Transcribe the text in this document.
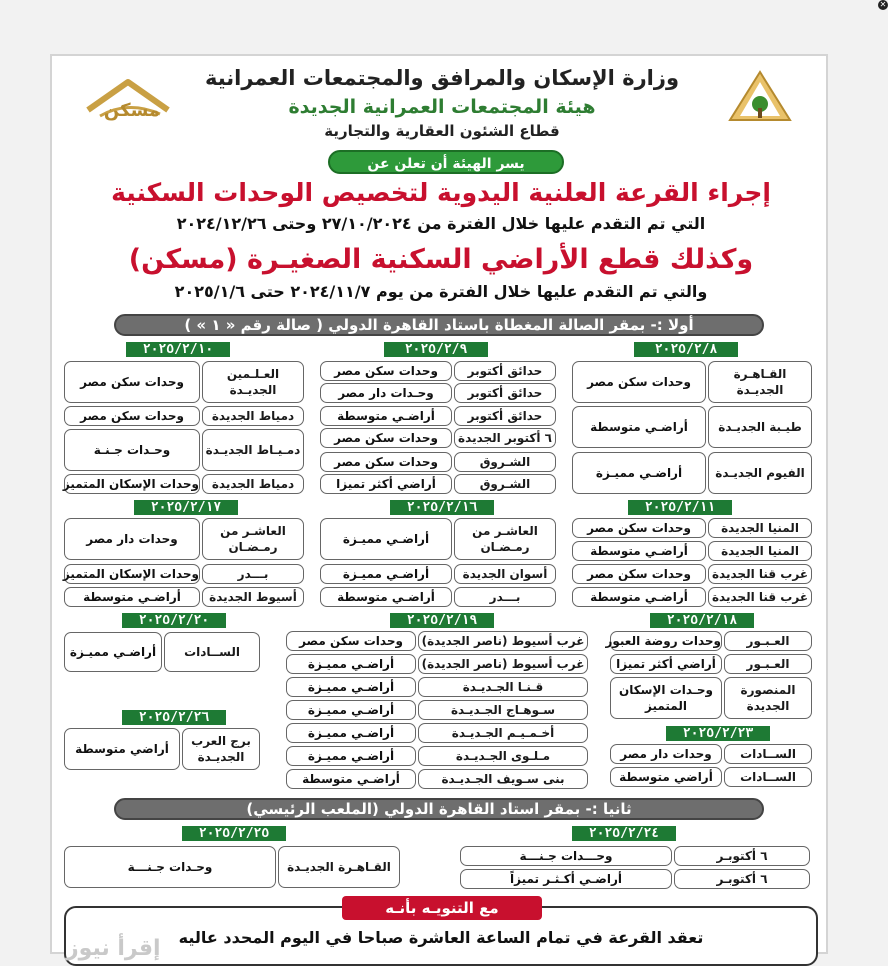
✕
وزارة الإسكان والمرافق والمجتمعات العمرانية
هيئة المجتمعات العمرانية الجديدة
قطاع الشئون العقارية والتجارية
مسكن
يسر الهيئة أن تعلن عن
إجراء القرعة العلنية اليدوية لتخصيص الوحدات السكنية
التي تم التقدم عليها خلال الفترة من ٢٧/١٠/٢٠٢٤ وحتى ٢٠٢٤/١٢/٢٦
وكذلك قطع الأراضي السكنية الصغيـرة (مسكن)
والتي تم التقدم عليها خلال الفترة من يوم ٢٠٢٤/١١/٧ حتى ٢٠٢٥/١/٦
أولا :- بمقر الصالة المغطاة باستاد القاهرة الدولي ( صالة رقم « ١ » )
٢٠٢٥/٢/٨
٢٠٢٥/٢/٩
٢٠٢٥/٢/١٠
القـاهـرة الجديـدة
وحدات سكن مصر
طيـبة الجديـدة
أراضـي متوسطة
الفيوم الجديـدة
أراضـي مميـزة
حدائق أكتوبر
وحدات سكن مصر
حدائق أكتوبر
وحـدات دار مصر
حدائق أكتوبر
أراضـي متوسطة
٦ أكتوبر الجديدة
وحدات سكن مصر
الشـروق
وحدات سكن مصر
الشـروق
أراضي أكثر تميزا
العـلـمين الجديـدة
وحدات سكن مصر
دمياط الجديدة
وحدات سكن مصر
دمـيـاط الجديـدة
وحـدات جـنـة
دمياط الجديدة
وحدات الإسكان المتميز
٢٠٢٥/٢/١١
٢٠٢٥/٢/١٦
٢٠٢٥/٢/١٧
المنيا الجديدة
وحدات سكن مصر
المنيا الجديدة
أراضـي متوسطة
غرب قنا الجديدة
وحدات سكن مصر
غرب قنا الجديدة
أراضـي متوسطة
العاشـر من رمـضـان
أراضـي مميـزة
أسوان الجديدة
أراضـي مميـزة
بـــدر
أراضـي متوسطة
العاشـر من رمـضـان
وحدات دار مصر
بـــدر
وحدات الإسكان المتميز
أسيوط الجديدة
أراضـي متوسطة
٢٠٢٥/٢/١٨
٢٠٢٥/٢/١٩
٢٠٢٥/٢/٢٠
العـبـور
وحدات روضة العبور
العـبـور
أراضي أكثر تميزا
المنصورة الجديدة
وحـدات الإسكان المتميز
غرب أسيوط (ناصر الجديدة)
وحدات سكن مصر
غرب أسيوط (ناصر الجديدة)
أراضـي مميـزة
قـنـا الجـديـدة
أراضـي مميـزة
سـوهـاج الجـديـدة
أراضـي مميـزة
أخـمـيـم الجـديـدة
أراضـي مميـزة
مـلـوى الجـديـدة
أراضـي مميـزة
بنى سـويف الجـديـدة
أراضـي متوسطة
الســادات
أراضـي مميـزة
٢٠٢٥/٢/٢٣
الســادات
وحدات دار مصر
الســادات
أراضي متوسطة
٢٠٢٥/٢/٢٦
برج العرب الجديـدة
أراضي متوسطة
ثانيا :- بمقر استاد القاهرة الدولي (الملعب الرئيسي)
٢٠٢٥/٢/٢٤
٢٠٢٥/٢/٢٥
٦ أكتوبـر
وحـــدات جـنـــة
٦ أكتوبـر
أراضـي أكـثـر تميزاً
القـاهـرة الجديـدة
وحـدات جـنـــة
مع التنويـه بأنـه
تعقد القرعة في تمام الساعة العاشرة صباحا في اليوم المحدد عاليه
إقرأ نيوز
